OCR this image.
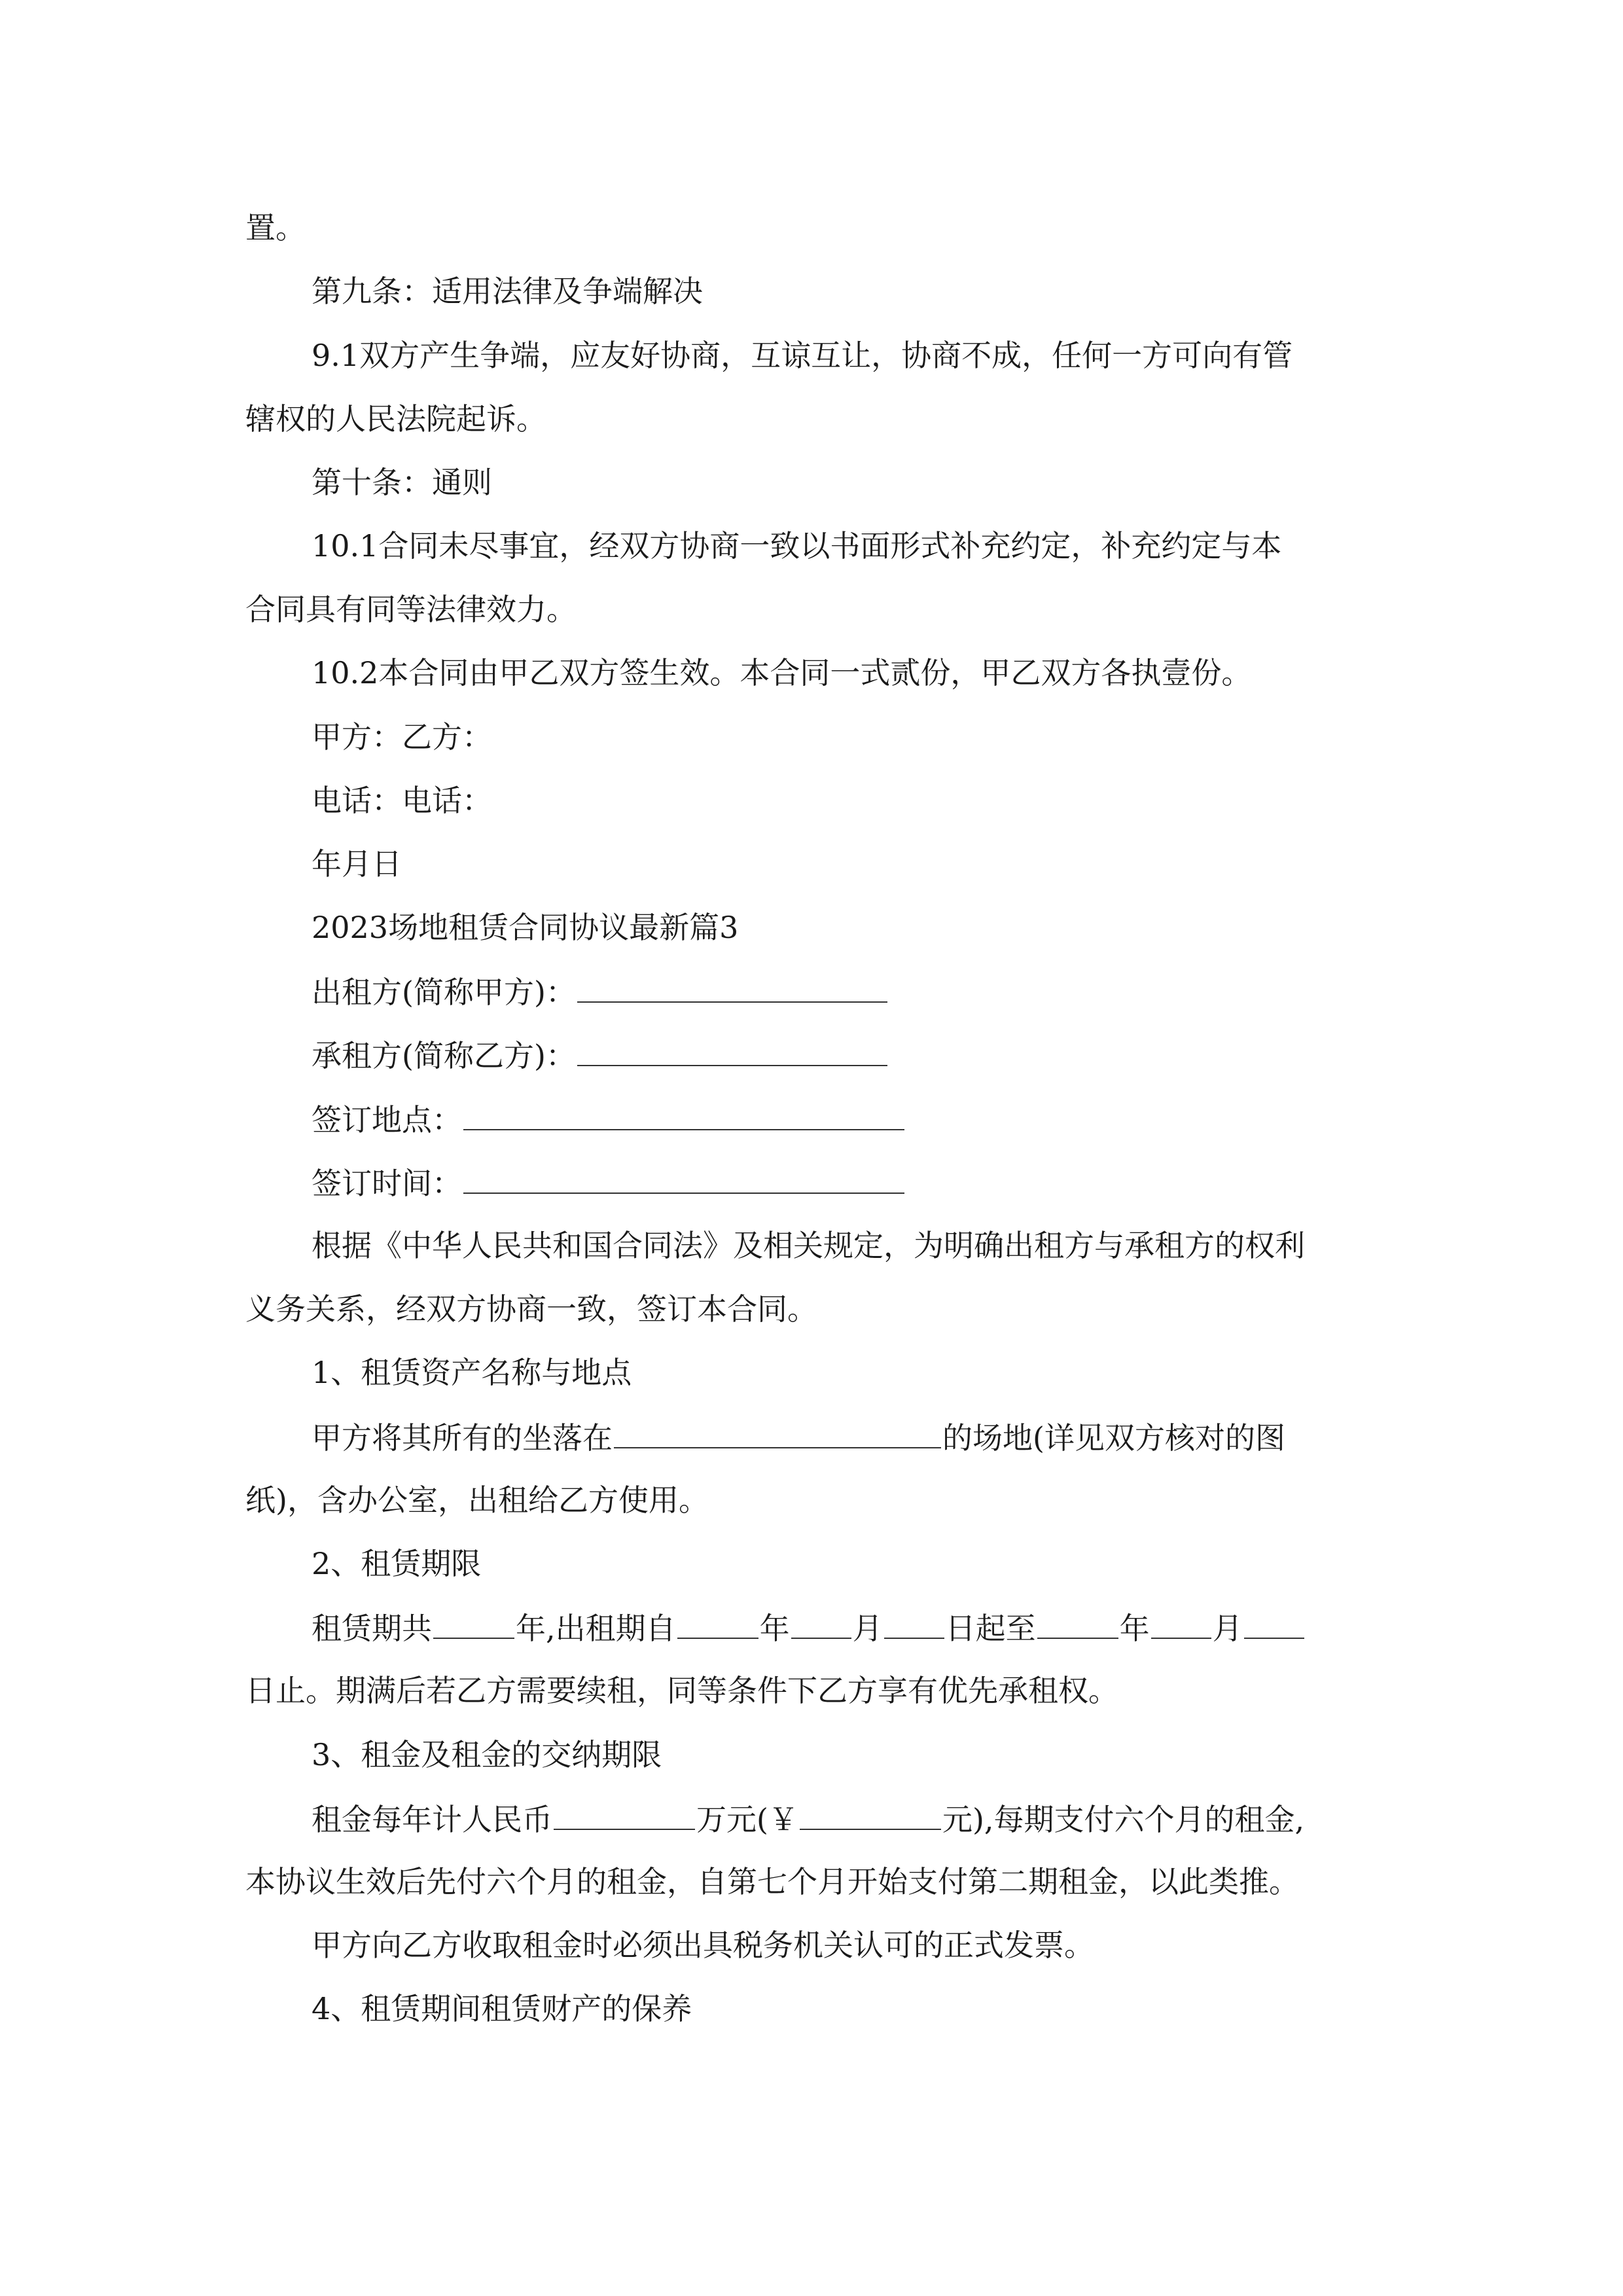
置。
第九条：适用法律及争端解决
9.1双方产生争端，应友好协商，互谅互让，协商不成，任何一方可向有管
辖权的人民法院起诉。
第十条：通则
10.1合同未尽事宜，经双方协商一致以书面形式补充约定，补充约定与本
合同具有同等法律效力。
10.2本合同由甲乙双方签生效。本合同一式贰份，甲乙双方各执壹份。
甲方：乙方：
电话：电话：
年月日
2023场地租赁合同协议最新篇3
出租方(简称甲方)：
承租方(简称乙方)：
签订地点：
签订时间：
根据《中华人民共和国合同法》及相关规定，为明确出租方与承租方的权利
义务关系，经双方协商一致，签订本合同。
1、租赁资产名称与地点
甲方将其所有的坐落在	的场地(详见双方核对的图
纸)，含办公室，出租给乙方使用。
2、租赁期限
租赁期共	年,出租期自	年 月 日起至	年 月
日止。期满后若乙方需要续租，同等条件下乙方享有优先承租权。
3、租金及租金的交纳期限
租金每年计人民币	万元(￥	元),每期支付六个月的租金,
本协议生效后先付六个月的租金，自第七个月开始支付第二期租金，以此类推。
甲方向乙方收取租金时必须出具税务机关认可的正式发票。
4、租赁期间租赁财产的保养
